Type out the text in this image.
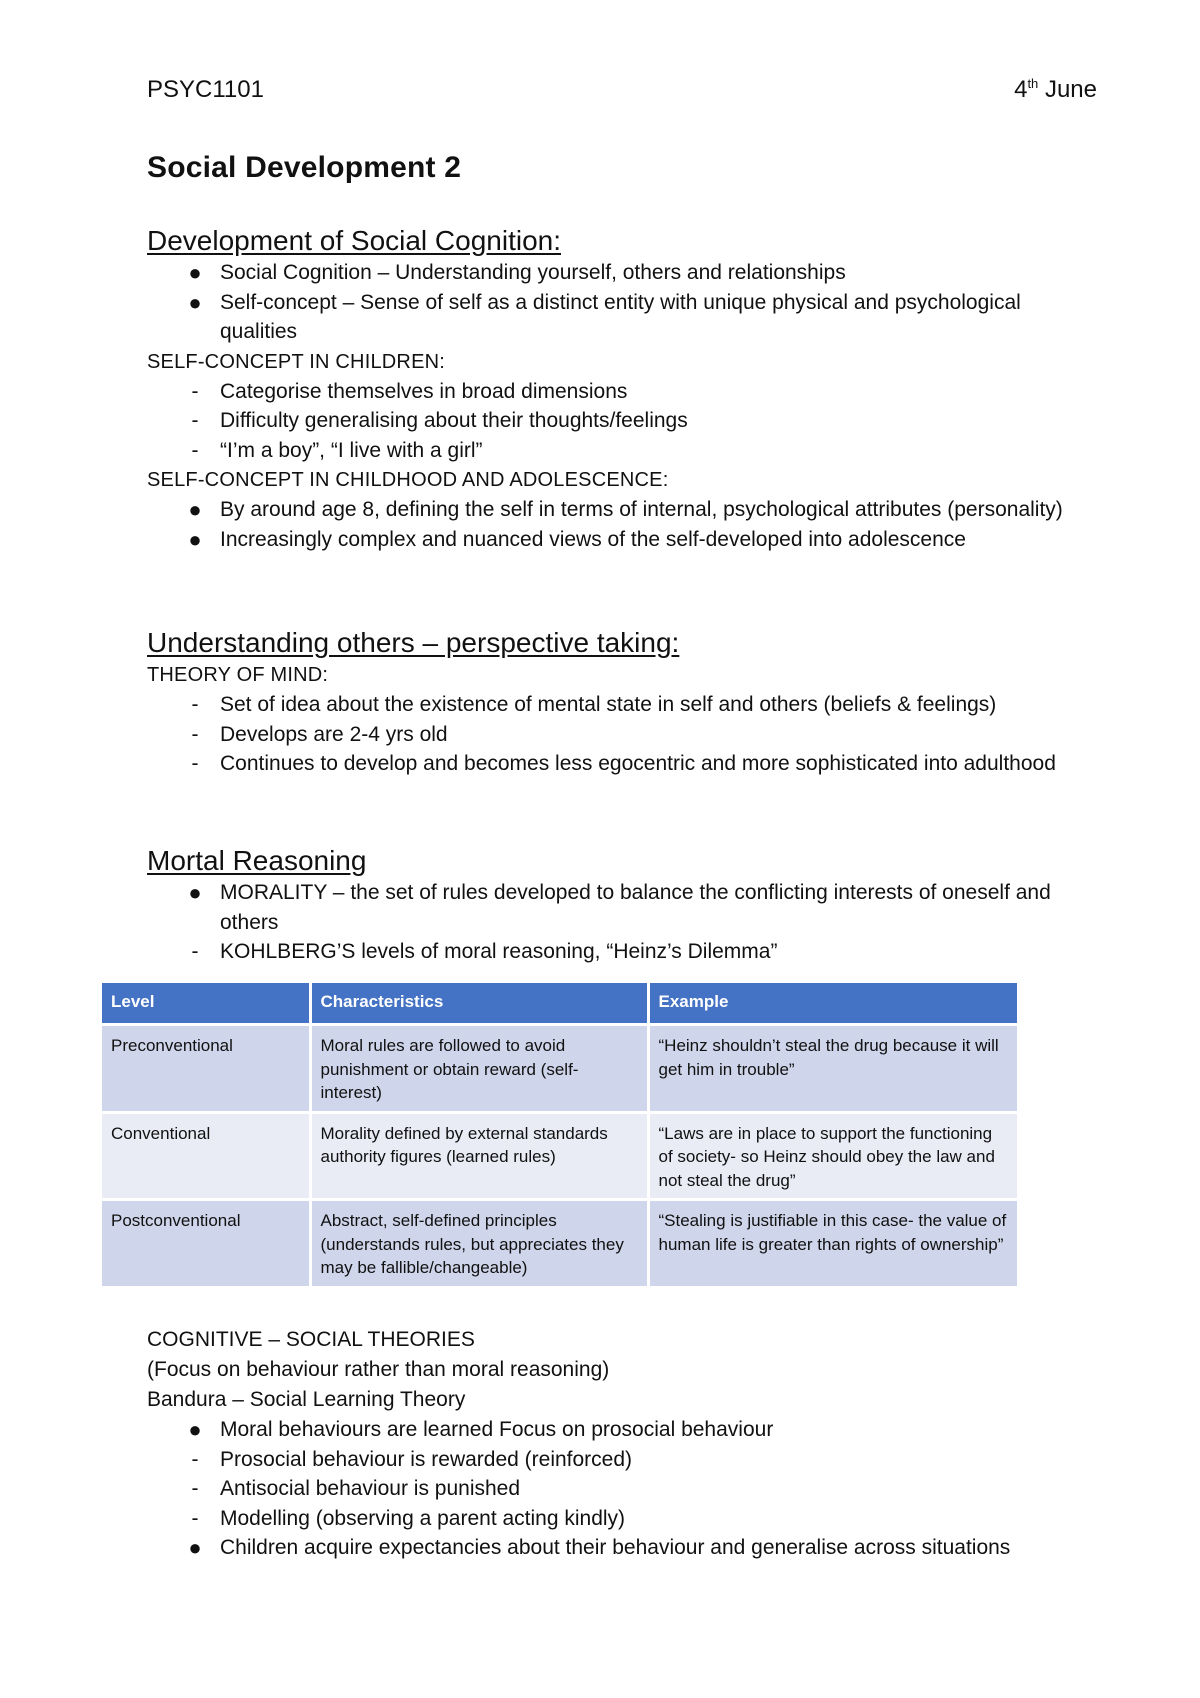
PSYC1101	4th June
Social Development 2

Development of Social Cognition:

● Social Cognition – Understanding yourself, others and relationships
● Self-concept – Sense of self as a distinct entity with unique physical and psychological qualities

SELF-CONCEPT IN CHILDREN:

-	Categorise themselves in broad dimensions
-	Difficulty generalising about their thoughts/feelings
-	“I’m a boy”, “I live with a girl”

SELF-CONCEPT IN CHILDHOOD AND ADOLESCENCE:

● By around age 8, defining the self in terms of internal, psychological attributes (personality)
● Increasingly complex and nuanced views of the self-developed into adolescence

Understanding others – perspective taking:

THEORY OF MIND:

-	Set of idea about the existence of mental state in self and others (beliefs & feelings)
-	Develops are 2-4 yrs old
-	Continues to develop and becomes less egocentric and more sophisticated into adulthood

Mortal Reasoning

● MORALITY – the set of rules developed to balance the conflicting interests of oneself and others
-	KOHLBERG’S levels of moral reasoning, “Heinz’s Dilemma”
Level	Characteristics	Example
Preconventional	Moral rules are followed to avoid punishment or obtain reward (self-interest)	“Heinz shouldn’t steal the drug because it will get him in trouble”
Conventional	Morality defined by external standards authority figures (learned rules)	“Laws are in place to support the functioning of society- so Heinz should obey the law and not steal the drug”
Postconventional	Abstract, self-defined principles (understands rules, but appreciates they may be fallible/changeable)	“Stealing is justifiable in this case- the value of human life is greater than rights of ownership”

COGNITIVE – SOCIAL THEORIES

(Focus on behaviour rather than moral reasoning)

Bandura – Social Learning Theory

● Moral behaviours are learned Focus on prosocial behaviour
-	Prosocial behaviour is rewarded (reinforced)
-	Antisocial behaviour is punished
-	Modelling (observing a parent acting kindly)
● Children acquire expectancies about their behaviour and generalise across situations
